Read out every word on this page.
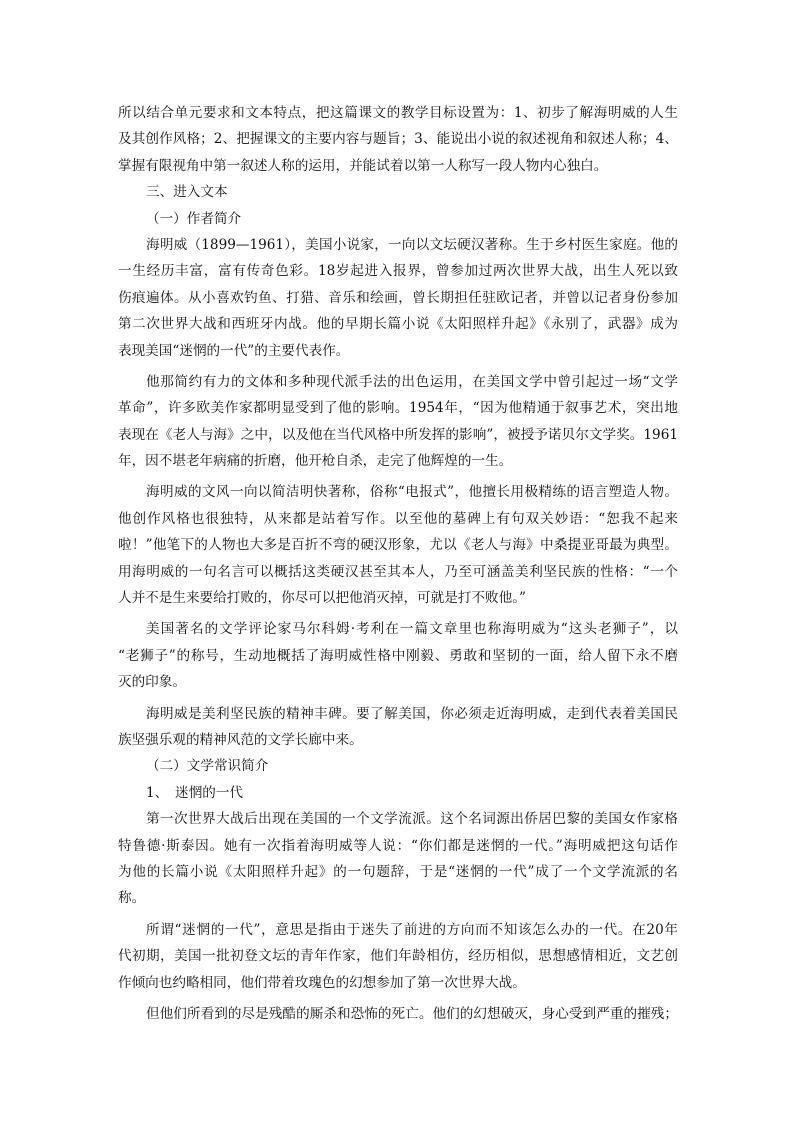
所以结合单元要求和文本特点，把这篇课文的教学目标设置为：1、初步了解海明威的人生
及其创作风格；2、把握课文的主要内容与题旨；3、能说出小说的叙述视角和叙述人称；4、
掌握有限视角中第一叙述人称的运用，并能试着以第一人称写一段人物内心独白。
三、进入文本
（一）作者简介
海明威（1899—1961），美国小说家，一向以文坛硬汉著称。生于乡村医生家庭。他的
一生经历丰富，富有传奇色彩。18岁起进入报界，曾参加过两次世界大战，出生人死以致
伤痕遍体。从小喜欢钓鱼、打猎、音乐和绘画，曾长期担任驻欧记者，并曾以记者身份参加
第二次世界大战和西班牙内战。他的早期长篇小说《太阳照样升起》《永别了，武器》成为
表现美国“迷惘的一代”的主要代表作。
他那简约有力的文体和多种现代派手法的出色运用，在美国文学中曾引起过一场“文学
革命”，许多欧美作家都明显受到了他的影响。1954年，“因为他精通于叙事艺术，突出地
表现在《老人与海》之中，以及他在当代风格中所发挥的影响”，被授予诺贝尔文学奖。1961
年，因不堪老年病痛的折磨，他开枪自杀，走完了他辉煌的一生。
海明威的文风一向以简洁明快著称，俗称“电报式”，他擅长用极精练的语言塑造人物。
他创作风格也很独特，从来都是站着写作。以至他的墓碑上有句双关妙语：“恕我不起来
啦！”他笔下的人物也大多是百折不弯的硬汉形象，尤以《老人与海》中桑提亚哥最为典型。
用海明威的一句名言可以概括这类硬汉甚至其本人，乃至可涵盖美利坚民族的性格：“一个
人并不是生来要给打败的，你尽可以把他消灭掉，可就是打不败他。”
美国著名的文学评论家马尔科姆·考利在一篇文章里也称海明威为“这头老狮子”，以
“老狮子”的称号，生动地概括了海明威性格中刚毅、勇敢和坚韧的一面，给人留下永不磨
灭的印象。
海明威是美利坚民族的精神丰碑。要了解美国，你必须走近海明威，走到代表着美国民
族坚强乐观的精神风范的文学长廊中来。
（二）文学常识简介
1、　迷惘的一代
第一次世界大战后出现在美国的一个文学流派。这个名词源出侨居巴黎的美国女作家格
特鲁德·斯泰因。她有一次指着海明威等人说：“你们都是迷惘的一代。”海明威把这句话作
为他的长篇小说《太阳照样升起》的一句题辞，于是“迷惘的一代”成了一个文学流派的名
称。
所谓“迷惘的一代”，意思是指由于迷失了前进的方向而不知该怎么办的一代。在20年
代初期，美国一批初登文坛的青年作家，他们年龄相仿，经历相似，思想感情相近，文艺创
作倾向也约略相同，他们带着玫瑰色的幻想参加了第一次世界大战。
但他们所看到的尽是残酷的厮杀和恐怖的死亡。他们的幻想破灭，身心受到严重的摧残；
